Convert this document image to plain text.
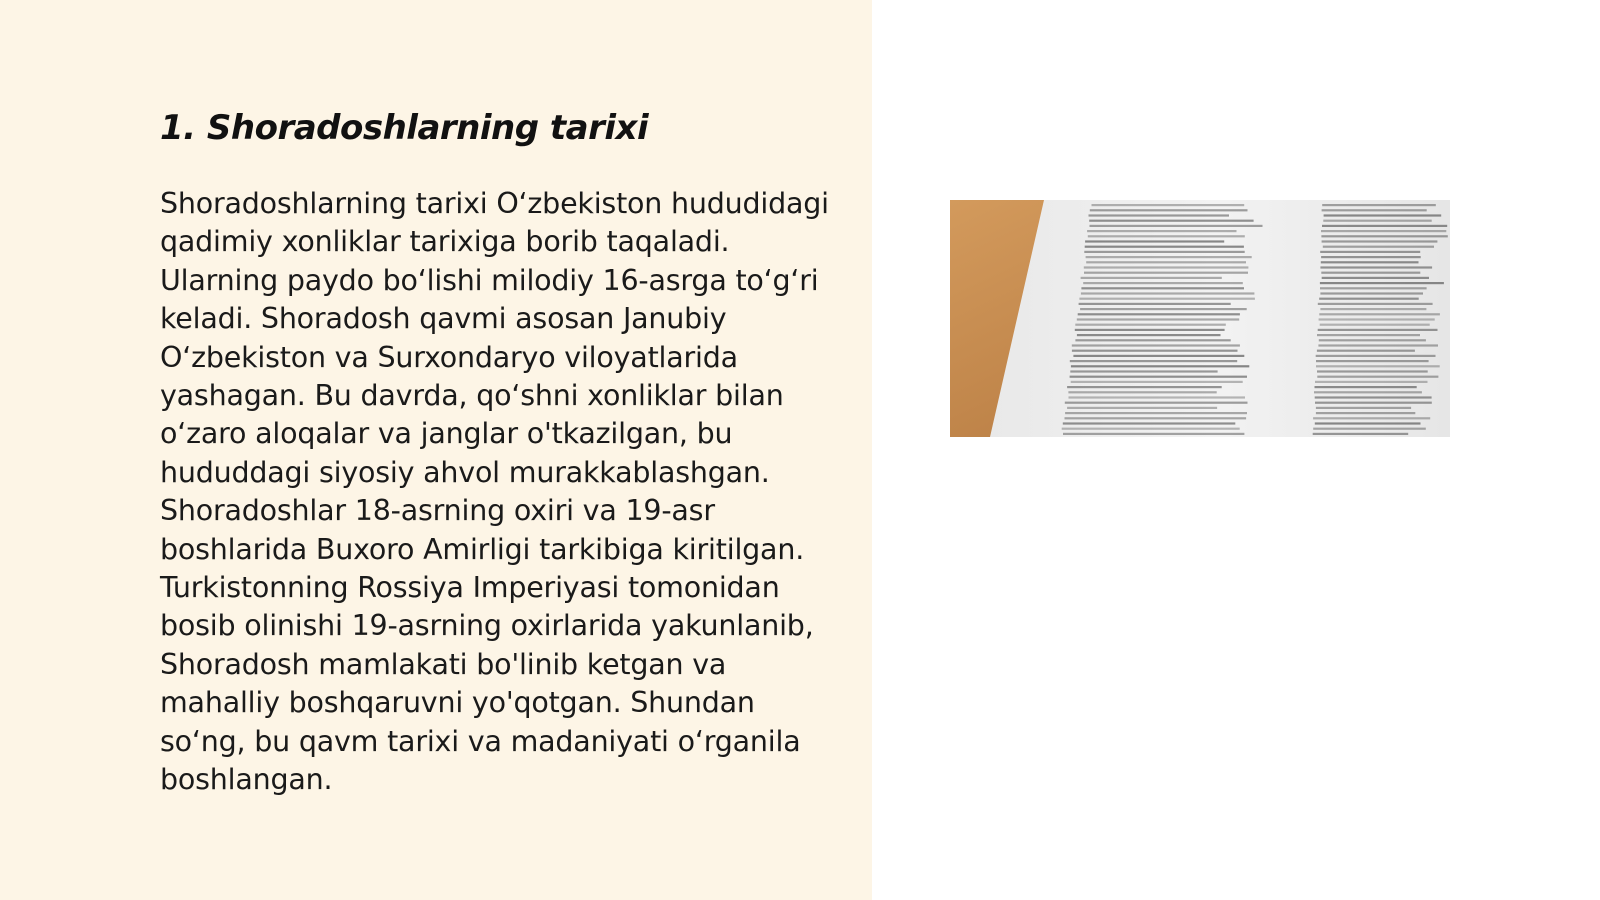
1. Shoradoshlarning tarixi

Shoradoshlarning tarixi O‘zbekiston hududidagi qadimiy xonliklar tarixiga borib taqaladi. Ularning paydo bo‘lishi milodiy 16-asrga to‘g‘ri keladi. Shoradosh qavmi asosan Janubiy O‘zbekiston va Surxondaryo viloyatlarida yashagan. Bu davrda, qo‘shni xonliklar bilan o‘zaro aloqalar va janglar o'tkazilgan, bu hududdagi siyosiy ahvol murakkablashgan. Shoradoshlar 18-asrning oxiri va 19-asr boshlarida Buxoro Amirligi tarkibiga kiritilgan. Turkistonning Rossiya Imperiyasi tomonidan bosib olinishi 19-asrning oxirlarida yakunlanib, Shoradosh mamlakati bo'linib ketgan va mahalliy boshqaruvni yo'qotgan. Shundan so‘ng, bu qavm tarixi va madaniyati o‘rganila boshlangan.
